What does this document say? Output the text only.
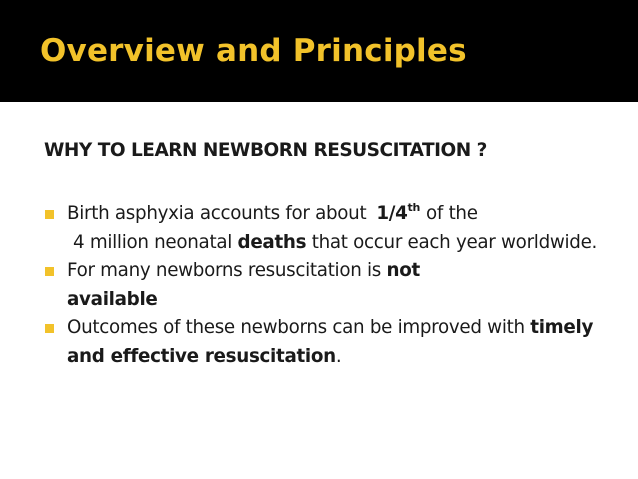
Overview and Principles

WHY TO LEARN NEWBORN RESUSCITATION ?

Birth asphyxia accounts for about 1/4th of the
4 million neonatal deaths that occur each year worldwide.
For many newborns resuscitation is not
available
Outcomes of these newborns can be improved with timely and effective resuscitation.
